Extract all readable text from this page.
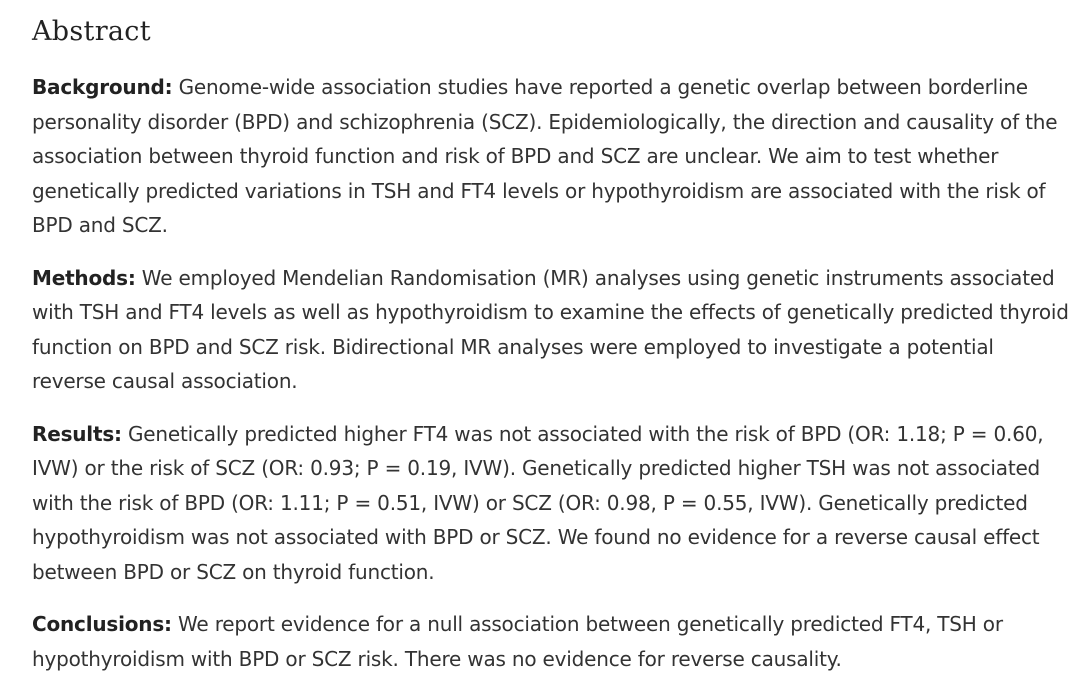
Abstract

Background: Genome-wide association studies have reported a genetic overlap between borderline personality disorder (BPD) and schizophrenia (SCZ). Epidemiologically, the direction and causality of the association between thyroid function and risk of BPD and SCZ are unclear. We aim to test whether genetically predicted variations in TSH and FT4 levels or hypothyroidism are associated with the risk of BPD and SCZ.

Methods: We employed Mendelian Randomisation (MR) analyses using genetic instruments associated with TSH and FT4 levels as well as hypothyroidism to examine the effects of genetically predicted thyroid function on BPD and SCZ risk. Bidirectional MR analyses were employed to investigate a potential reverse causal association.

Results: Genetically predicted higher FT4 was not associated with the risk of BPD (OR: 1.18; P = 0.60, IVW) or the risk of SCZ (OR: 0.93; P = 0.19, IVW). Genetically predicted higher TSH was not associated with the risk of BPD (OR: 1.11; P = 0.51, IVW) or SCZ (OR: 0.98, P = 0.55, IVW). Genetically predicted hypothyroidism was not associated with BPD or SCZ. We found no evidence for a reverse causal effect between BPD or SCZ on thyroid function.

Conclusions: We report evidence for a null association between genetically predicted FT4, TSH or hypothyroidism with BPD or SCZ risk. There was no evidence for reverse causality.
